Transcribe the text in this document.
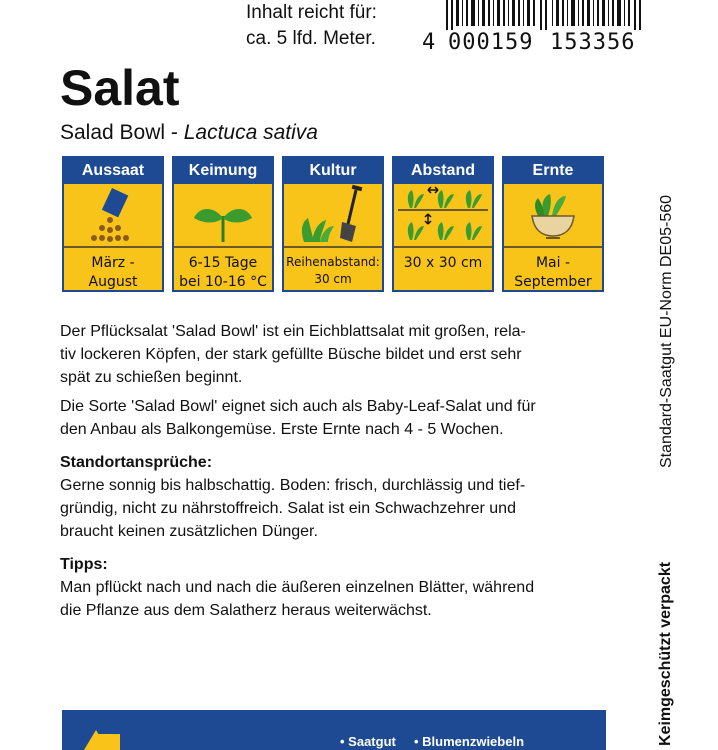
Inhalt reicht für:
ca. 5 lfd. Meter.	4 000159 153356
Salat
Salad Bowl - Lactuca sativa
Aussaat
März -
August
Keimung
6-15 Tage
bei 10-16 °C
Kultur
Reihenabstand:
30 cm
Abstand
30 x 30 cm
Ernte
Mai -
September

Der Pflücksalat 'Salad Bowl' ist ein Eichblattsalat mit großen, rela-

tiv lockeren Köpfen, der stark gefüllte Büsche bildet und erst sehr

spät zu schießen beginnt.

Die Sorte 'Salad Bowl' eignet sich auch als Baby-Leaf-Salat und für

den Anbau als Balkongemüse. Erste Ernte nach 4 - 5 Wochen.

Standortansprüche:

Gerne sonnig bis halbschattig. Boden: frisch, durchlässig und tief-

gründig, nicht zu nährstoffreich. Salat ist ein Schwachzehrer und

braucht keinen zusätzlichen Dünger.

Tipps:

Man pflückt nach und nach die äußeren einzelnen Blätter, während

die Pflanze aus dem Salatherz heraus weiterwächst.

Standard-Saatgut EU-Norm DE05-560
Keimgeschützt verpackt
• Saatgut • Blumenzwiebeln
